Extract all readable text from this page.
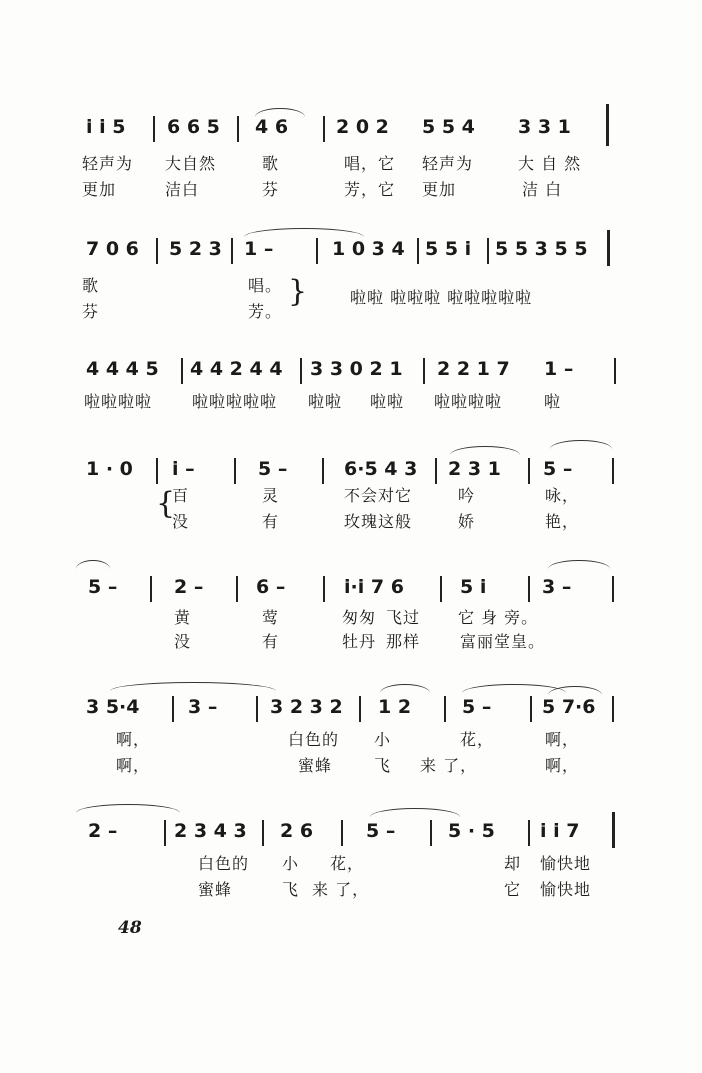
i i 5 6 6 5 4 6	2 0 2 5 5 4 3 3 1
轻声为 大自然	歌	唱，它 轻声为	大 自 然
更加	洁白	芬	芳，它 更加	洁 白
7 0 6 5 2 3 1 –	1 0 3 4 5 5 i 5 5 3 5 5
歌	唱。
芬	芳。
}	啦啦 啦啦啦 啦啦啦啦啦
4 4 4 5 4 4 2 4 4 3 3 0 2 1 2 2 1 7 1 –
啦啦啦啦 啦啦啦啦啦 啦啦 啦啦 啦啦啦啦	啦
1 · 0 i –	5 –	6·5 4 3 2 3 1 5 –
{
百	灵	不会对它	吟	咏，
没	有	玫瑰这般	娇	艳，
5 –	2 –	6 –	i·i 7 6	5 i	3 –
黄	莺	匆匆 飞过 它 身 旁。
没	有	牡丹 那样 富丽堂皇。
3 5·4	3 –	3 2 3 2 1 2	5 –	5 7·6
啊，	白色的 小	花，	啊，
啊，	蜜蜂	飞 来 了，	啊，
2 –	2 3 4 3 2 6	5 –	5 · 5 i i 7
白色的 小 花，	却 愉快地
蜜蜂	飞 来 了，	它 愉快地
48
